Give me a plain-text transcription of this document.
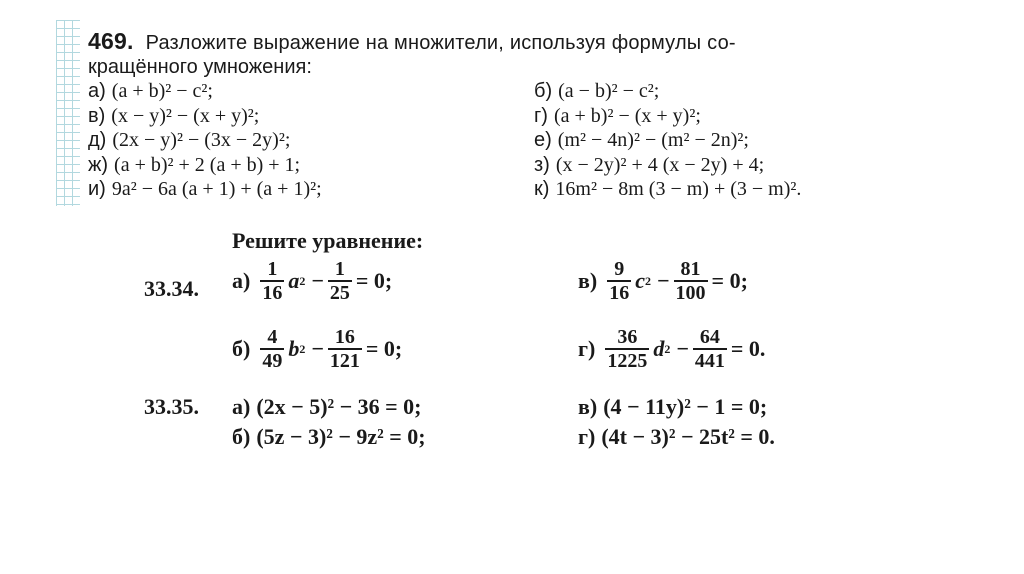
469. Разложите выражение на множители, используя формулы со-
кращённого умножения:
а) (a + b)² − c²;	б) (a − b)² − c²;
в) (x − y)² − (x + y)²;	г) (a + b)² − (x + y)²;
д) (2x − y)² − (3x − 2y)²;	е) (m² − 4n)² − (m² − 2n)²;
ж) (a + b)² + 2 (a + b) + 1;	з) (x − 2y)² + 4 (x − 2y) + 4;
и) 9a² − 6a (a + 1) + (a + 1)²;	к) 16m² − 8m (3 − m) + (3 − m)².
Решите уравнение:
33.34. $а) \frac{1}{16}$ a $2 - \frac{1}{25} = 0$;	$в) \frac{9}{16}$ c $2 - \frac{81}{100} = 0$;
$б) \frac{4}{49}$ b $2 - \frac{16}{121} = 0$;	$г) \frac{36}{1225}$ d $2 - \frac{64}{441} = 0$.
33.35. а) (2x − 5)² − 36 = 0;	в) (4 − 11y)² − 1 = 0;
б) (5z − 3)² − 9z² = 0;	г) (4t − 3)² − 25t² = 0.
